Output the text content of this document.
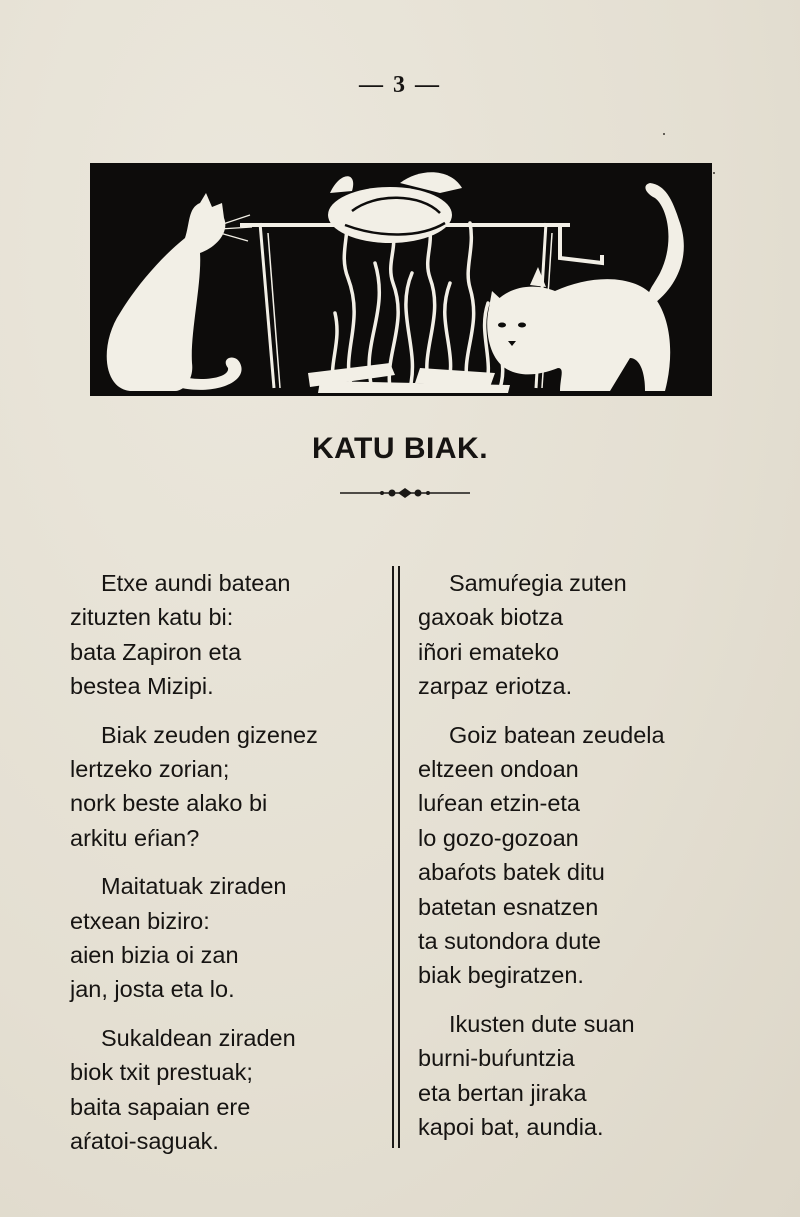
— 3 —
KATU BIAK.
Etxe aundi batean
zituzten katu bi:
bata Zapiron eta
bestea Mizipi.
Biak zeuden gizenez
lertzeko zorian;
nork beste alako bi
arkitu eŕian?
Maitatuak ziraden
etxean biziro:
aien bizia oi zan
jan, josta eta lo.
Sukaldean ziraden
biok txit prestuak;
baita sapaian ere
aŕatoi-saguak.
Samuŕegia zuten
gaxoak biotza
iñori emateko
zarpaz eriotza.
Goiz batean zeudela
eltzeen ondoan
luŕean etzin-eta
lo gozo-gozoan
abaŕots batek ditu
batetan esnatzen
ta sutondora dute
biak begiratzen.
Ikusten dute suan
burni-buŕuntzia
eta bertan jiraka
kapoi bat, aundia.
